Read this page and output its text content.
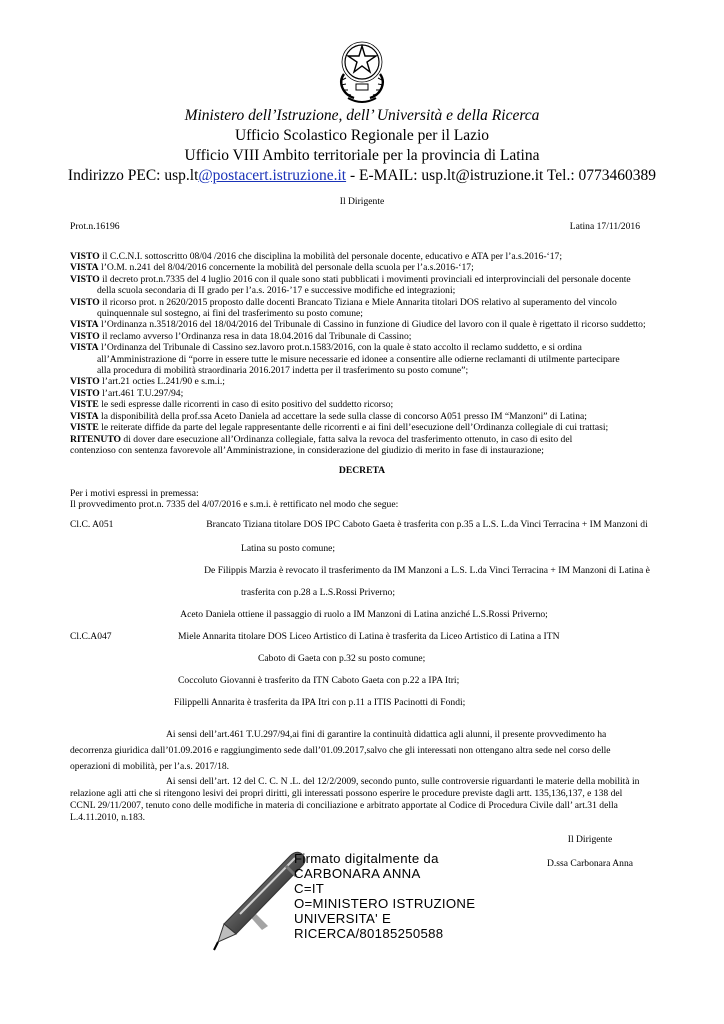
Ministero dell’Istruzione, dell’ Università e della Ricerca
Ufficio Scolastico Regionale per il Lazio
Ufficio VIII Ambito territoriale per la provincia di Latina
Indirizzo PEC: usp.lt@postacert.istruzione.it - E-MAIL: usp.lt@istruzione.it Tel.: 0773460389
Il Dirigente
Prot.n.16196	Latina 17/11/2016
VISTO il C.C.N.I. sottoscritto 08/04 /2016 che disciplina la mobilità del personale docente, educativo e ATA per l’a.s.2016-‘17;
VISTA l’O.M. n.241 del 8/04/2016 concernente la mobilità del personale della scuola per l’a.s.2016-‘17;
VISTO il decreto prot.n.7335 del 4 luglio 2016 con il quale sono stati pubblicati i movimenti provinciali ed interprovinciali del personale docente
della scuola secondaria di II grado per l’a.s. 2016-’17 e successive modifiche ed integrazioni;
VISTO il ricorso prot. n 2620/2015 proposto dalle docenti Brancato Tiziana e Miele Annarita titolari DOS relativo al superamento del vincolo
quinquennale sul sostegno, ai fini del trasferimento su posto comune;
VISTA l’Ordinanza n.3518/2016 del 18/04/2016 del Tribunale di Cassino in funzione di Giudice del lavoro con il quale è rigettato il ricorso suddetto;
VISTO il reclamo avverso l’Ordinanza resa in data 18.04.2016 dal Tribunale di Cassino;
VISTA l’Ordinanza del Tribunale di Cassino sez.lavoro prot.n.1583/2016, con la quale è stato accolto il reclamo suddetto, e si ordina
all’Amministrazione di “porre in essere tutte le misure necessarie ed idonee a consentire alle odierne reclamanti di utilmente partecipare
alla procedura di mobilità straordinaria 2016.2017 indetta per il trasferimento su posto comune”;
VISTO l’art.21 octies L.241/90 e s.m.i.;
VISTO l’art.461 T.U.297/94;
VISTE le sedi espresse dalle ricorrenti in caso di esito positivo del suddetto ricorso;
VISTA la disponibilità della prof.ssa Aceto Daniela ad accettare la sede sulla classe di concorso A051 presso IM “Manzoni” di Latina;
VISTE le reiterate diffide da parte del legale rappresentante delle ricorrenti e ai fini dell’esecuzione dell’Ordinanza collegiale di cui trattasi;
RITENUTO di dover dare esecuzione all’Ordinanza collegiale, fatta salva la revoca del trasferimento ottenuto, in caso di esito del
contenzioso con sentenza favorevole all’Amministrazione, in considerazione del giudizio di merito in fase di instaurazione;
DECRETA
Per i motivi espressi in premessa:
Il provvedimento prot.n. 7335 del 4/07/2016 e s.m.i. è rettificato nel modo che segue:
Cl.C. A051	Brancato Tiziana titolare DOS IPC Caboto Gaeta è trasferita con p.35 a L.S. L.da Vinci Terracina + IM Manzoni di
Latina su posto comune;
De Filippis Marzia è revocato il trasferimento da IM Manzoni a L.S. L.da Vinci Terracina + IM Manzoni di Latina è
trasferita con p.28 a L.S.Rossi Priverno;
Aceto Daniela ottiene il passaggio di ruolo a IM Manzoni di Latina anziché L.S.Rossi Priverno;
Cl.C.A047	Miele Annarita titolare DOS Liceo Artistico di Latina è trasferita da Liceo Artistico di Latina a ITN
Caboto di Gaeta con p.32 su posto comune;
Coccoluto Giovanni è trasferito da ITN Caboto Gaeta con p.22 a IPA Itri;
Filippelli Annarita è trasferita da IPA Itri con p.11 a ITIS Pacinotti di Fondi;
Ai sensi dell’art.461 T.U.297/94,ai fini di garantire la continuità didattica agli alunni, il presente provvedimento ha
decorrenza giuridica dall’01.09.2016 e raggiungimento sede dall’01.09.2017,salvo che gli interessati non ottengano altra sede nel corso delle
operazioni di mobilità, per l’a.s. 2017/18.
Ai sensi dell’art. 12 del C. C. N .L. del 12/2/2009, secondo punto, sulle controversie riguardanti le materie della mobilità in
relazione agli atti che si ritengono lesivi dei propri diritti, gli interessati possono esperire le procedure previste dagli artt. 135,136,137, e 138 del
CCNL 29/11/2007, tenuto cono delle modifiche in materia di conciliazione e arbitrato apportate al Codice di Procedura Civile dall’ art.31 della
L.4.11.2010, n.183.
Il Dirigente
D.ssa Carbonara Anna
Firmato digitalmente da
CARBONARA ANNA
C=IT
O=MINISTERO ISTRUZIONE
UNIVERSITA' E
RICERCA/80185250588
